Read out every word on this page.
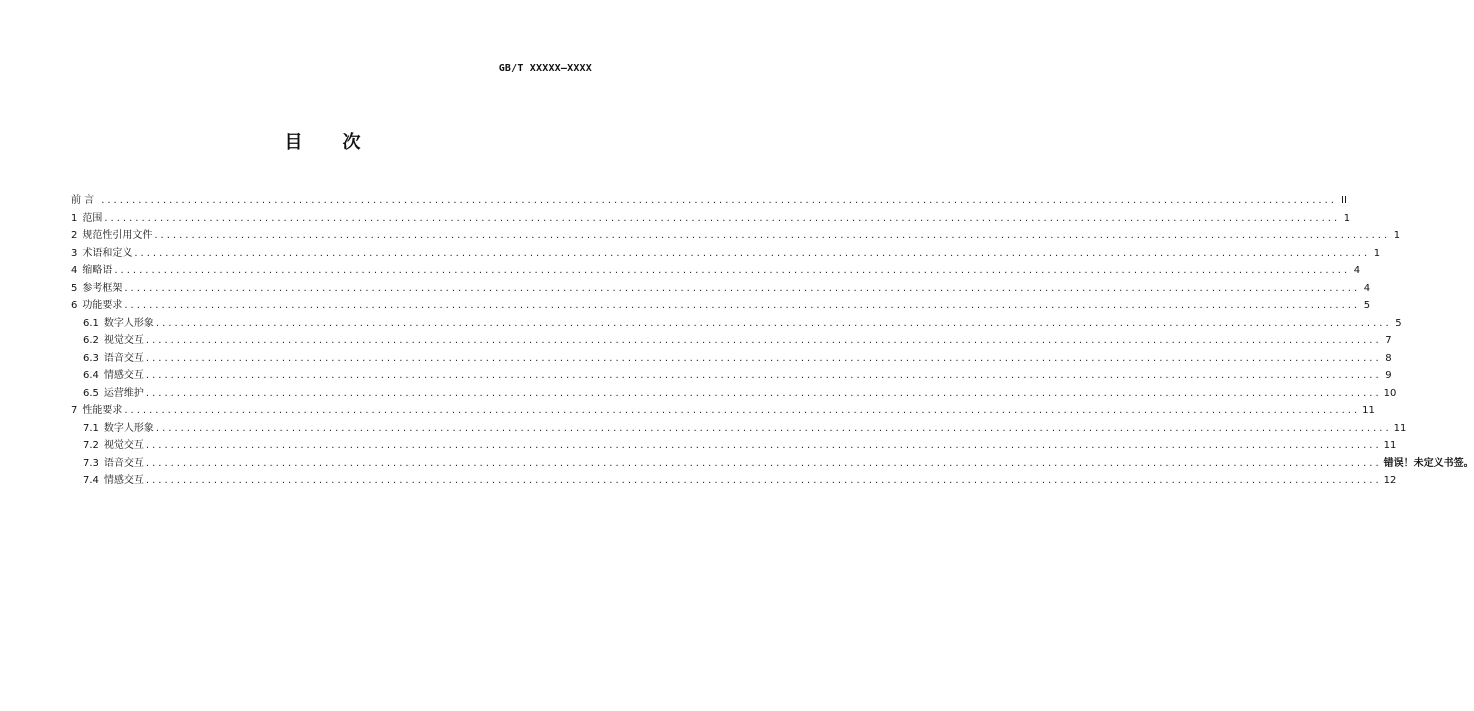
GB/T XXXXX—XXXX
目次
前 言 ........................................................................................................................................................................................................ II
1 范围 ........................................................................................................................................................................................................ 1
2 规范性引用文件 ........................................................................................................................................................................................................ 1
3 术语和定义 ........................................................................................................................................................................................................ 1
4 缩略语 ........................................................................................................................................................................................................ 4
5 参考框架 ........................................................................................................................................................................................................ 4
6 功能要求 ........................................................................................................................................................................................................ 5
6.1 数字人形象 ........................................................................................................................................................................................................ 5
6.2 视觉交互 ........................................................................................................................................................................................................ 7
6.3 语音交互 ........................................................................................................................................................................................................ 8
6.4 情感交互 ........................................................................................................................................................................................................ 9
6.5 运营维护 ........................................................................................................................................................................................................ 10
7 性能要求 ........................................................................................................................................................................................................ 11
7.1 数字人形象 ........................................................................................................................................................................................................ 11
7.2 视觉交互 ........................................................................................................................................................................................................ 11
7.3 语音交互 ........................................................................................................................................................................................................ 错误！未定义书签。
7.4 情感交互 ........................................................................................................................................................................................................ 12
